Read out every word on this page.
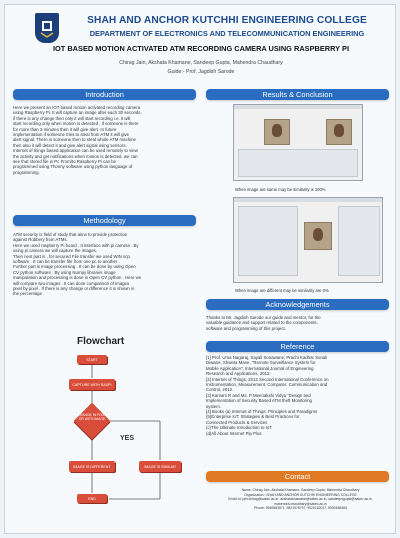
SHAH AND ANCHOR KUTCHHI ENGINEERING COLLEGE
DEPARTMENT OF ELECTRONICS AND TELECOMMUNICATION ENGINEERING
IOT BASED MOTION ACTIVATED ATM RECORDING CAMERA USING RASPBERRY PI
Chirag Jain, Akshata Khamane, Sandeep Gupta, Mahendra Chaudhary
Guide:- Prof. Jagdish Sarode
Introduction
Here we present an IOT based motion activated recording camera
using Raspberry Pi. It will capture an image after each 30 seconds,
if there is any change then only it will start recording i.e. it will
start recording only when motion is detected . If someone is there
for more than 3 minutes then it will give alert. In future
implementation if someone tries to steal from ATM it will give
alert signal. There is someone then to steal whole ATM machine
then also it will detect it and give alert signal using sensors.
Internet of things based application can be used remotely to view
the activity and get notifications when motion is detected. we can
see that stored file in Pc From/to Raspberry Pi can be
programmed using Thonny software using python language of
programming.
Methodology
ATM security is field of study that aims to provide protection
against Robbery from ATMs.
Here we used raspberry Pi board . It interface with pi camera . By
using pi camera we will capture the images.
Then next part is , for secured File transfer we used WIN scp
software . It can be transfer file from one pc to another .
Further part is image processing . It can be done by using Open
CV python software . By using Numpy libraries image
manipulation and processing is done in Open CV python . Here we
will compare two images . It can done comparison of images
pixel by pixel . If there is any change or difference it is shown in
the percentage .
Flowchart
START
CAPTURE WITH RASPI
CHANGE IN PIXEL OR WITH IMAGE
YES
IMAGE IS DIFFERENT	IMAGE IS SIMILAR
END
Results & Conclusion
When image are same may be similarity is 100%
When image are different may be similarity are 0%
Acknowledgements
Thanks to Mr. Jagdish Sarode our guide and mentor, for the
valuable guidance and support related to the components,
software and programming of this project.
Reference
[1] Prof. Uma Nagaraj, Sayali Sonawane, Prachi Kadhar Sonali
Diwane, Shweta Mane, "Remote Surveillance System for
Mobile Application", International Journal of Engineering
Research and Applications, 2012.
[2] Internet of Things, 2012 Second International Conference on
Instrumentation, Measurement, Computer, Communication and
Control, 2012.
[3] Kamani R and Ms. P Meenakshi Vidya "Design and
Implementation of Security Based ATM theft Monitoring
system.
[4] Books (a) Internet of Things: Principles and Paradigms
(b)Enterprise IoT: Strategies & Best Practices for
Connected Products & Services
(c)The Ultimate Introduction to IoT
(d)All About Internet Pip Plus
Contact
Name: Chirag Jain, Akshata Khamane, Sandeep Gupta, Mahendra Chaudhary
Organization : SHAH AND ANCHOR KUTCHHI ENGINEERING COLLEGE
Email Id: jain.chirag@sakec.ac.in, akshatakhamane@sakec.ac.in, sandeepsgupta@sakec.ac.in,
mahendra.chaudhary@sakec.ac.in
Phone: 9969583571, 9821976797, 9920162017, 9930458484
